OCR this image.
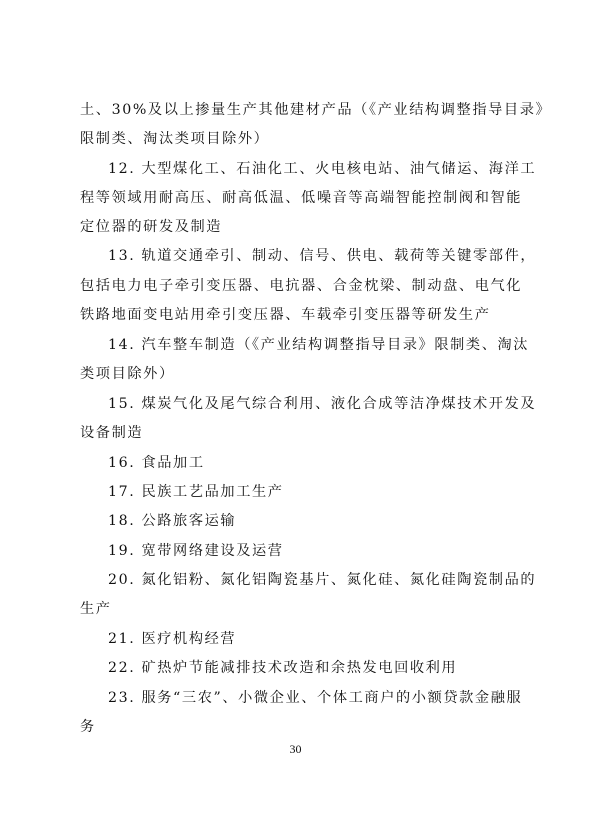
土、30%及以上掺量生产其他建材产品（《产业结构调整指导目录》
限制类、淘汰类项目除外）
12. 大型煤化工、石油化工、火电核电站、油气储运、海洋工
程等领域用耐高压、耐高低温、低噪音等高端智能控制阀和智能
定位器的研发及制造
13. 轨道交通牵引、制动、信号、供电、载荷等关键零部件，
包括电力电子牵引变压器、电抗器、合金枕梁、制动盘、电气化
铁路地面变电站用牵引变压器、车载牵引变压器等研发生产
14. 汽车整车制造（《产业结构调整指导目录》限制类、淘汰
类项目除外）
15. 煤炭气化及尾气综合利用、液化合成等洁净煤技术开发及
设备制造
16. 食品加工
17. 民族工艺品加工生产
18. 公路旅客运输
19. 宽带网络建设及运营
20. 氮化铝粉、氮化铝陶瓷基片、氮化硅、氮化硅陶瓷制品的
生产
21. 医疗机构经营
22. 矿热炉节能减排技术改造和余热发电回收利用
23. 服务“三农”、小微企业、个体工商户的小额贷款金融服
务
30
